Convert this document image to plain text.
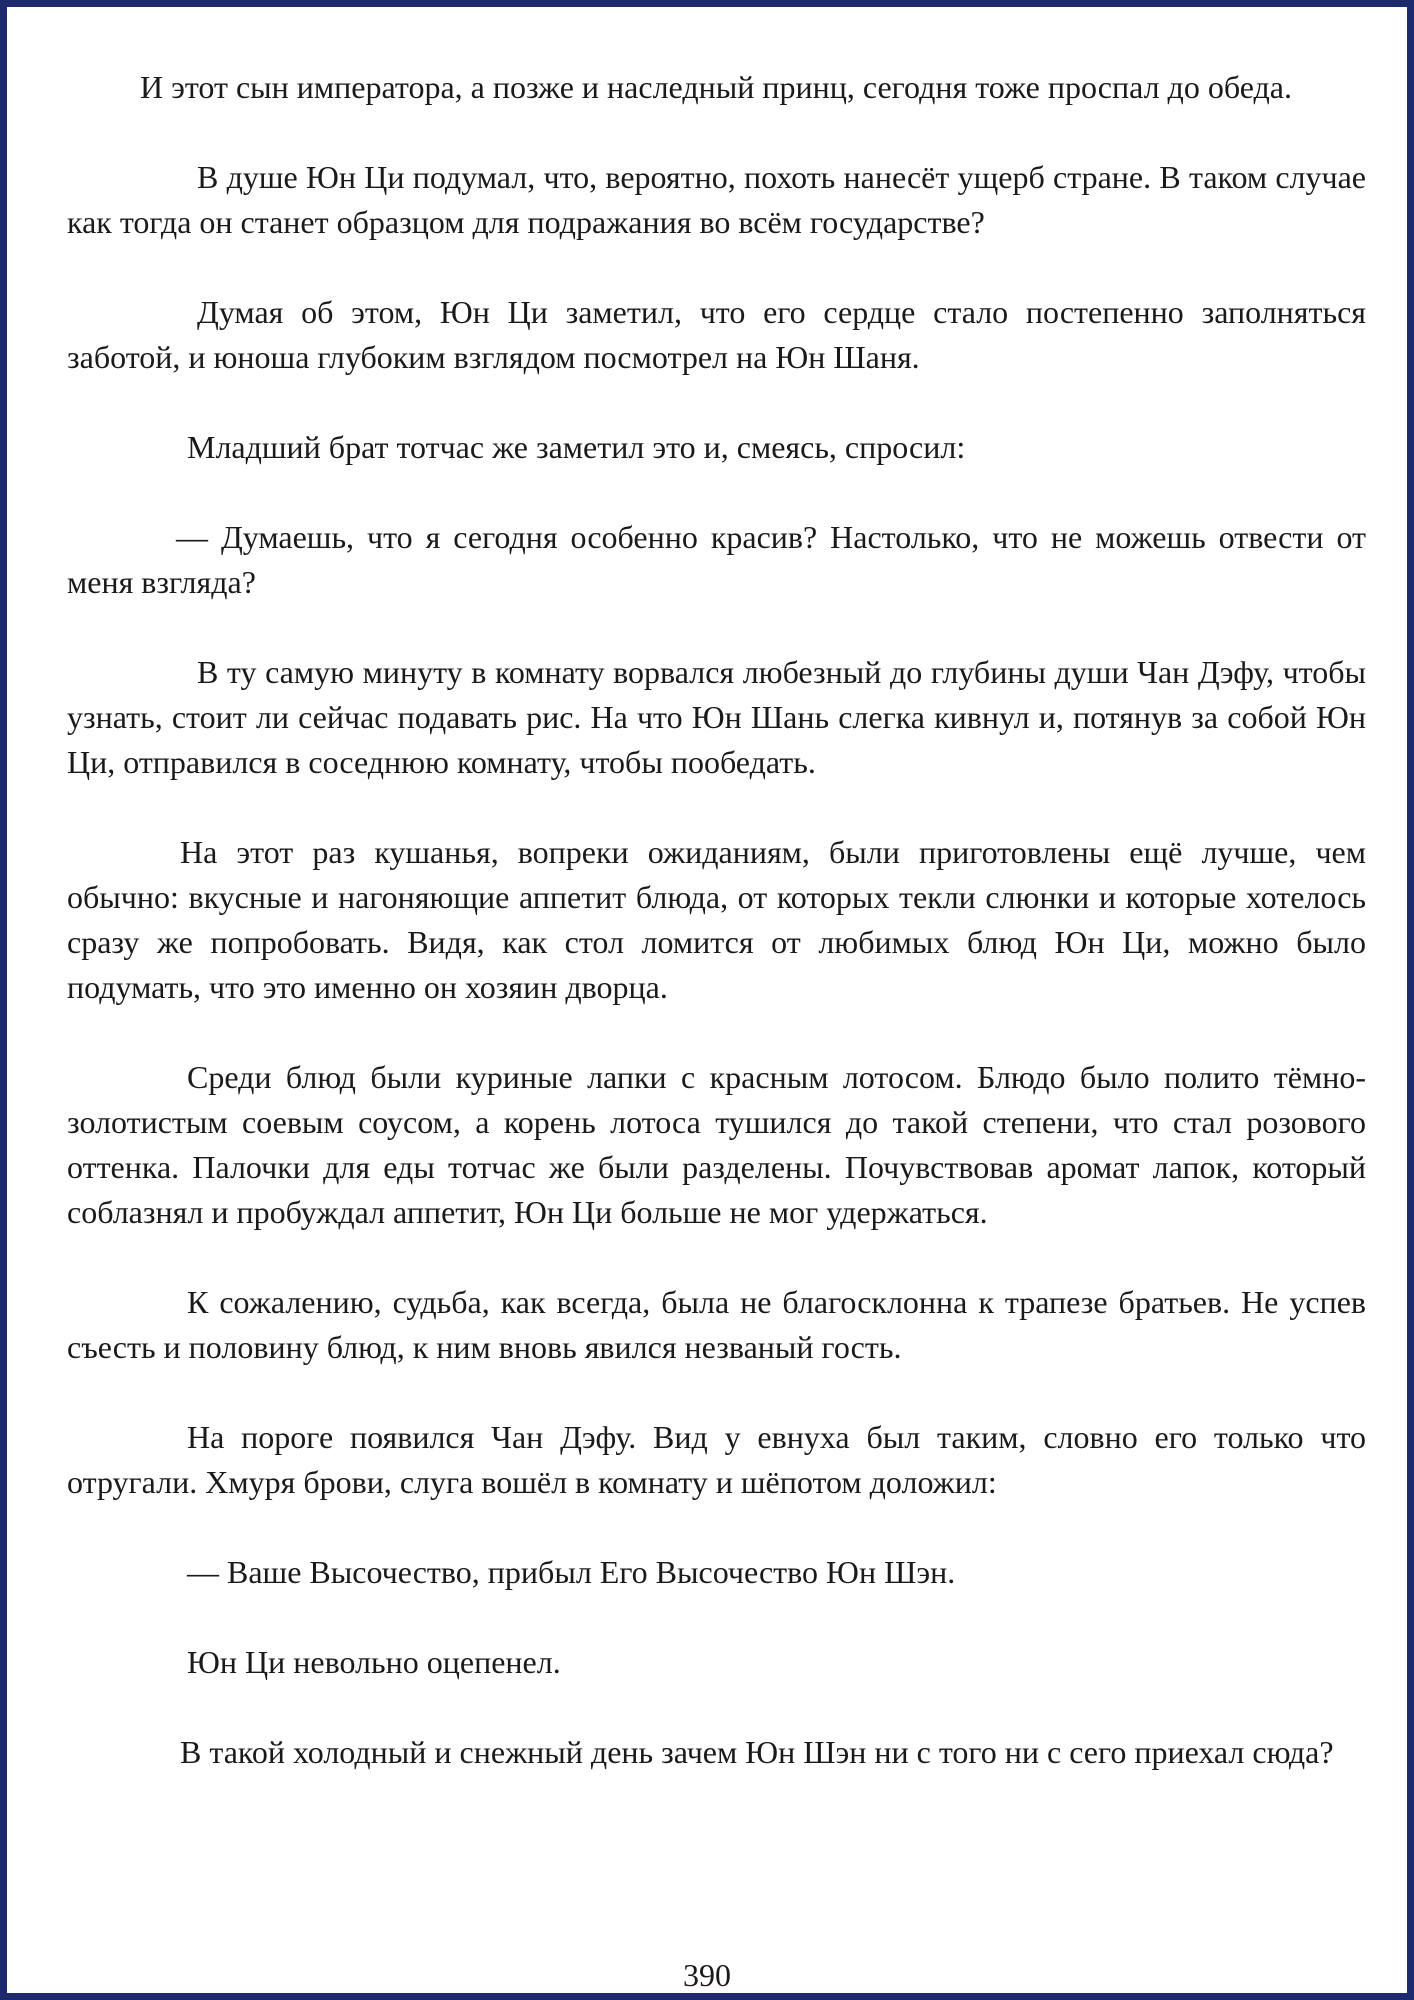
И этот сын императора, а позже и наследный принц, сегодня тоже проспал до обеда.

В душе Юн Ци подумал, что, вероятно, похоть нанесёт ущерб стране. В таком случае как тогда он станет образцом для подражания во всём государстве?

Думая об этом, Юн Ци заметил, что его сердце стало постепенно заполняться заботой, и юноша глубоким взглядом посмотрел на Юн Шаня.

Младший брат тотчас же заметил это и, смеясь, спросил:

— Думаешь, что я сегодня особенно красив? Настолько, что не можешь отвести от меня взгляда?

В ту самую минуту в комнату ворвался любезный до глубины души Чан Дэфу, чтобы узнать, стоит ли сейчас подавать рис. На что Юн Шань слегка кивнул и, потянув за собой Юн Ци, отправился в соседнюю комнату, чтобы пообедать.

На этот раз кушанья, вопреки ожиданиям, были приготовлены ещё лучше, чем обычно: вкусные и нагоняющие аппетит блюда, от которых текли слюнки и которые хотелось сразу же попробовать. Видя, как стол ломится от любимых блюд Юн Ци, можно было подумать, что это именно он хозяин дворца.

Среди блюд были куриные лапки с красным лотосом. Блюдо было полито тёмно-золотистым соевым соусом, а корень лотоса тушился до такой степени, что стал розового оттенка. Палочки для еды тотчас же были разделены. Почувствовав аромат лапок, который соблазнял и пробуждал аппетит, Юн Ци больше не мог удержаться.

К сожалению, судьба, как всегда, была не благосклонна к трапезе братьев. Не успев съесть и половину блюд, к ним вновь явился незваный гость.

На пороге появился Чан Дэфу. Вид у евнуха был таким, словно его только что отругали. Хмуря брови, слуга вошёл в комнату и шёпотом доложил:

— Ваше Высочество, прибыл Его Высочество Юн Шэн.

Юн Ци невольно оцепенел.

В такой холодный и снежный день зачем Юн Шэн ни с того ни с сего приехал сюда?

390
